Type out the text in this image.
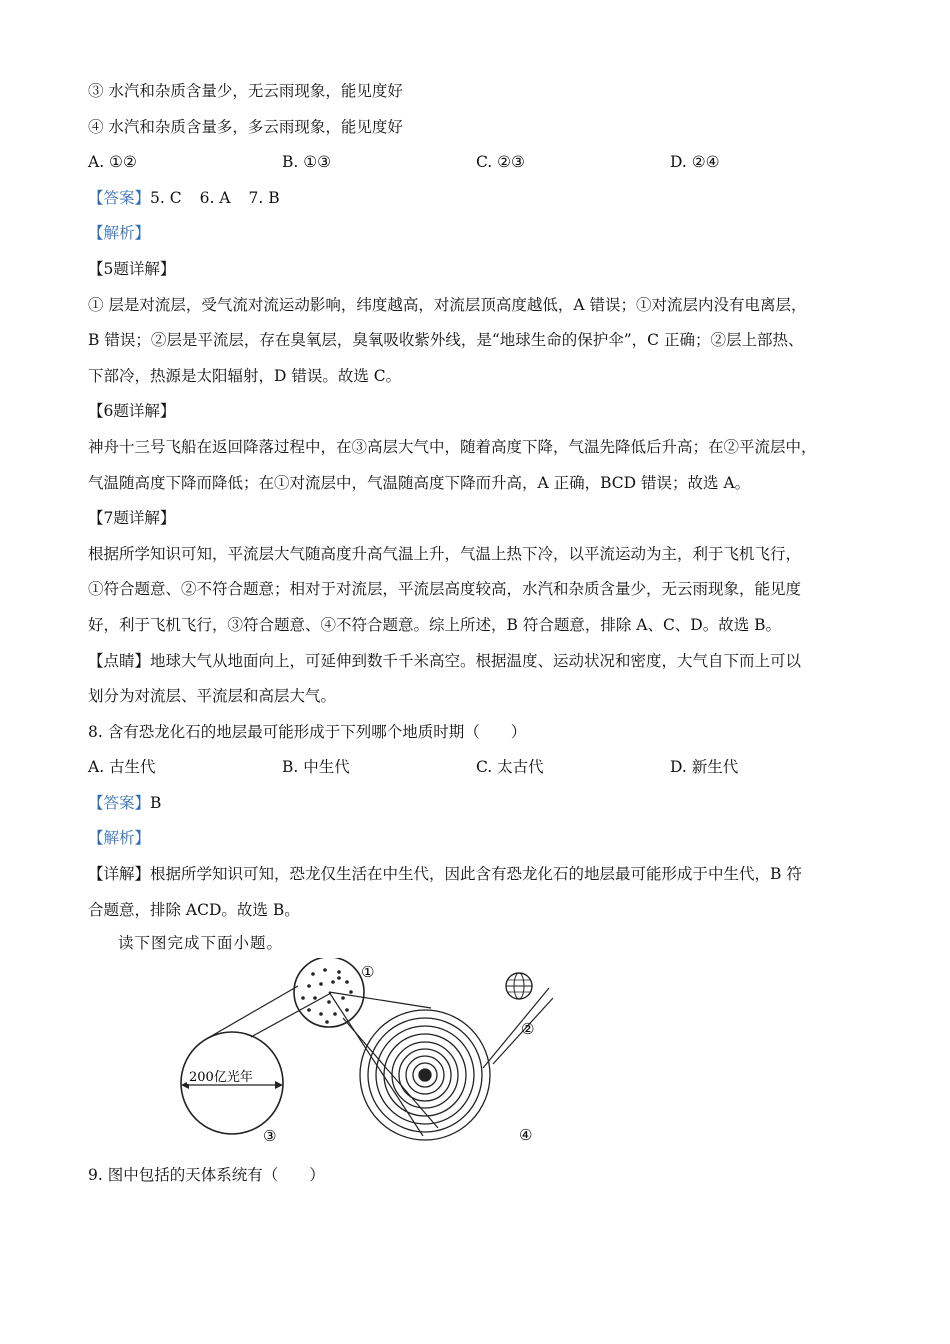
③ 水汽和杂质含量少，无云雨现象，能见度好

④ 水汽和杂质含量多，多云雨现象，能见度好

A. ①②	B. ①③	C. ②③	D. ②④

【答案】5. C 6. A 7. B

【解析】

【5题详解】

① 层是对流层，受气流对流运动影响，纬度越高，对流层顶高度越低，A 错误；①对流层内没有电离层，

B 错误；②层是平流层，存在臭氧层，臭氧吸收紫外线，是“地球生命的保护伞”，C 正确；②层上部热、

下部冷，热源是太阳辐射，D 错误。故选 C。

【6题详解】

神舟十三号飞船在返回降落过程中，在③高层大气中，随着高度下降，气温先降低后升高；在②平流层中，

气温随高度下降而降低；在①对流层中，气温随高度下降而升高，A 正确，BCD 错误；故选 A。

【7题详解】

根据所学知识可知，平流层大气随高度升高气温上升，气温上热下冷，以平流运动为主，利于飞机飞行，

①符合题意、②不符合题意；相对于对流层，平流层高度较高，水汽和杂质含量少，无云雨现象，能见度

好，利于飞机飞行，③符合题意、④不符合题意。综上所述，B 符合题意，排除 A、C、D。故选 B。

【点睛】地球大气从地面向上，可延伸到数千千米高空。根据温度、运动状况和密度，大气自下而上可以

划分为对流层、平流层和高层大气。

8. 含有恐龙化石的地层最可能形成于下列哪个地质时期（　　）

A. 古生代	B. 中生代	C. 太古代	D. 新生代

【答案】B

【解析】

【详解】根据所学知识可知，恐龙仅生活在中生代，因此含有恐龙化石的地层最可能形成于中生代，B 符

合题意，排除 ACD。故选 B。

读下图完成下面小题。

200亿光年
③
①
④
②

9. 图中包括的天体系统有（　　）
